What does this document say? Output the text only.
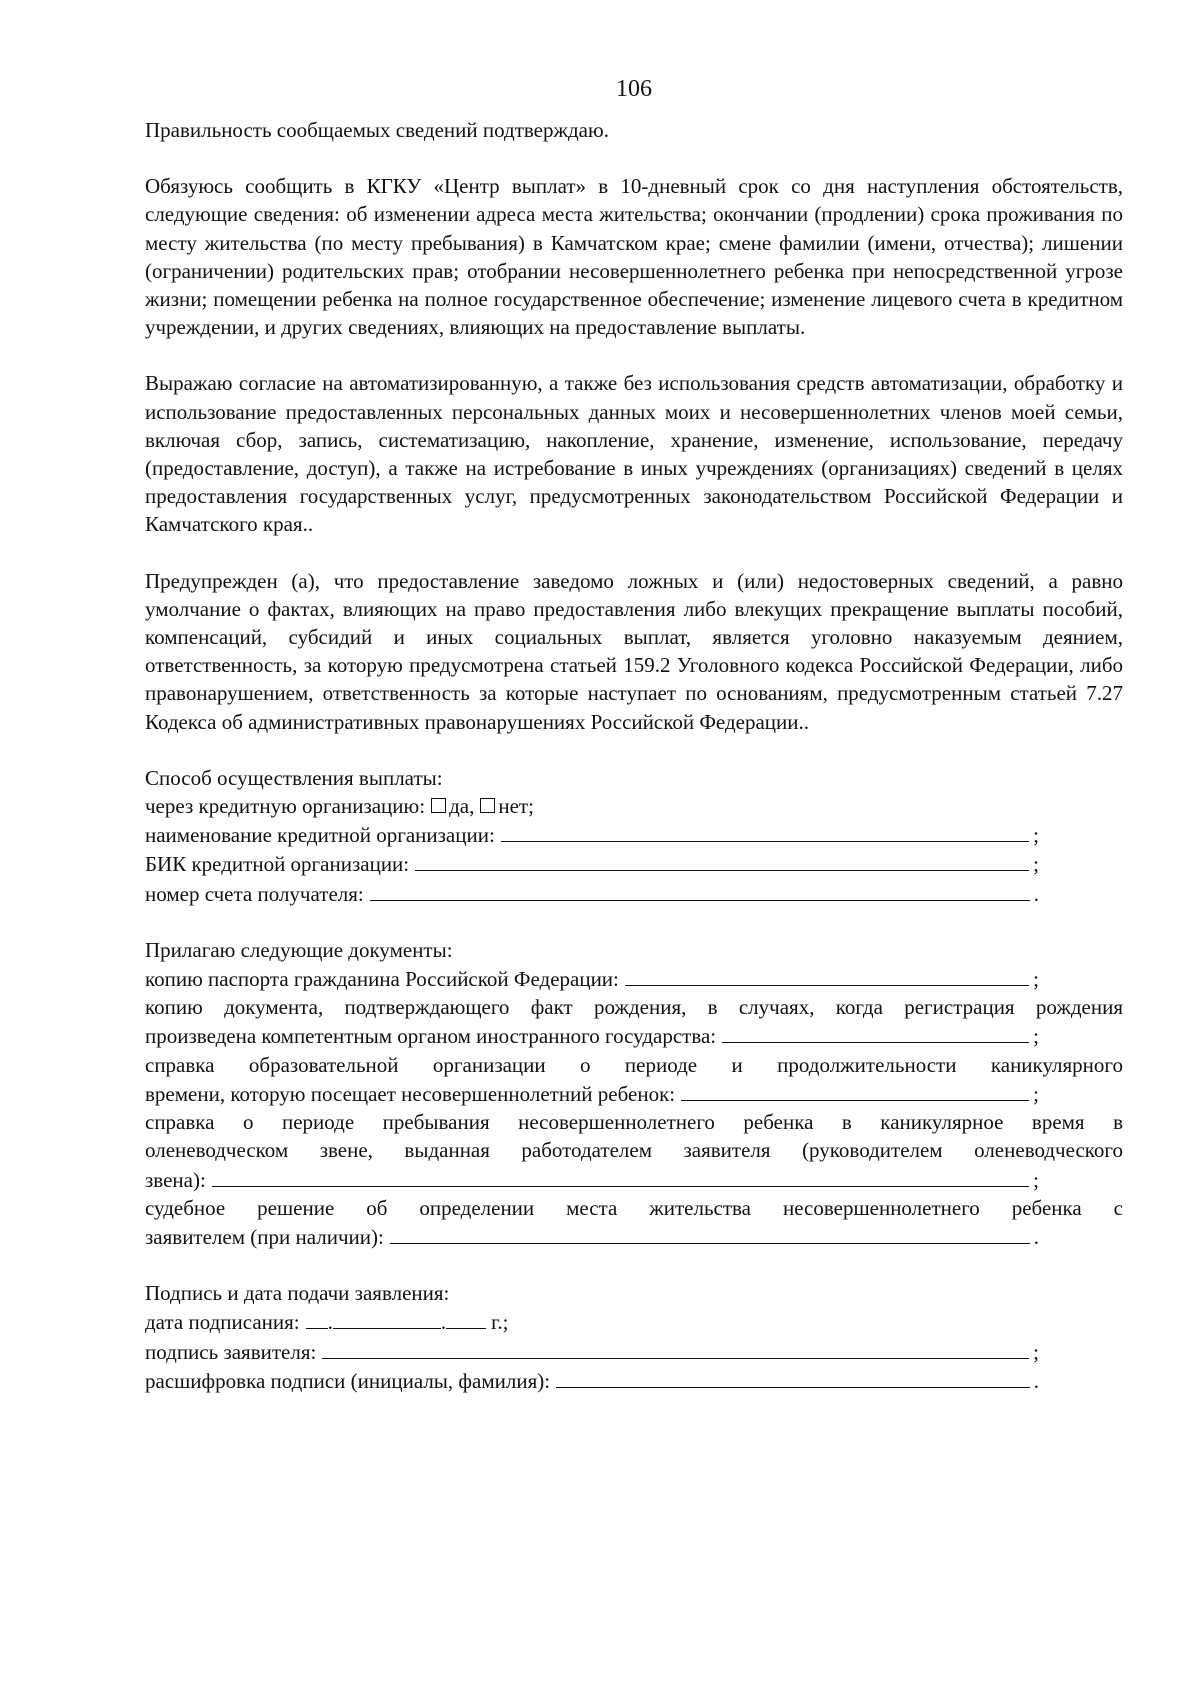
106

Правильность сообщаемых сведений подтверждаю.

Обязуюсь сообщить в КГКУ «Центр выплат» в 10-дневный срок со дня наступления обстоятельств, следующие сведения: об изменении адреса места жительства; окончании (продлении) срока проживания по месту жительства (по месту пребывания) в Камчатском крае; смене фамилии (имени, отчества); лишении (ограничении) родительских прав; отобрании несовершеннолетнего ребенка при непосредственной угрозе жизни; помещении ребенка на полное государственное обеспечение; изменение лицевого счета в кредитном учреждении, и других сведениях, влияющих на предоставление выплаты.

Выражаю согласие на автоматизированную, а также без использования средств автоматизации, обработку и использование предоставленных персональных данных моих и несовершеннолетних членов моей семьи, включая сбор, запись, систематизацию, накопление, хранение, изменение, использование, передачу (предоставление, доступ), а также на истребование в иных учреждениях (организациях) сведений в целях предоставления государственных услуг, предусмотренных законодательством Российской Федерации и Камчатского края..

Предупрежден (а), что предоставление заведомо ложных и (или) недостоверных сведений, а равно умолчание о фактах, влияющих на право предоставления либо влекущих прекращение выплаты пособий, компенсаций, субсидий и иных социальных выплат, является уголовно наказуемым деянием, ответственность, за которую предусмотрена статьей 159.2 Уголовного кодекса Российской Федерации, либо правонарушением, ответственность за которые наступает по основаниям, предусмотренным статьей 7.27 Кодекса об административных правонарушениях Российской Федерации..

Способ осуществления выплаты:

через кредитную организацию: да, нет;

наименование кредитной организации:	;

БИК кредитной организации:	;

номер счета получателя:	.

Прилагаю следующие документы:

копию паспорта гражданина Российской Федерации:	;

копию документа, подтверждающего факт рождения, в случаях, когда регистрация рождения

произведена компетентным органом иностранного государства:	;

справка образовательной организации о периоде и продолжительности каникулярного

времени, которую посещает несовершеннолетний ребенок:	;

справка о периоде пребывания несовершеннолетнего ребенка в каникулярное время в

оленеводческом звене, выданная работодателем заявителя (руководителем оленеводческого

звена):	;

судебное решение об определении места жительства несовершеннолетнего ребенка с

заявителем (при наличии):	.

Подпись и дата подачи заявления:

дата подписания: .	. г.;

подпись заявителя:	;

расшифровка подписи (инициалы, фамилия):	.
